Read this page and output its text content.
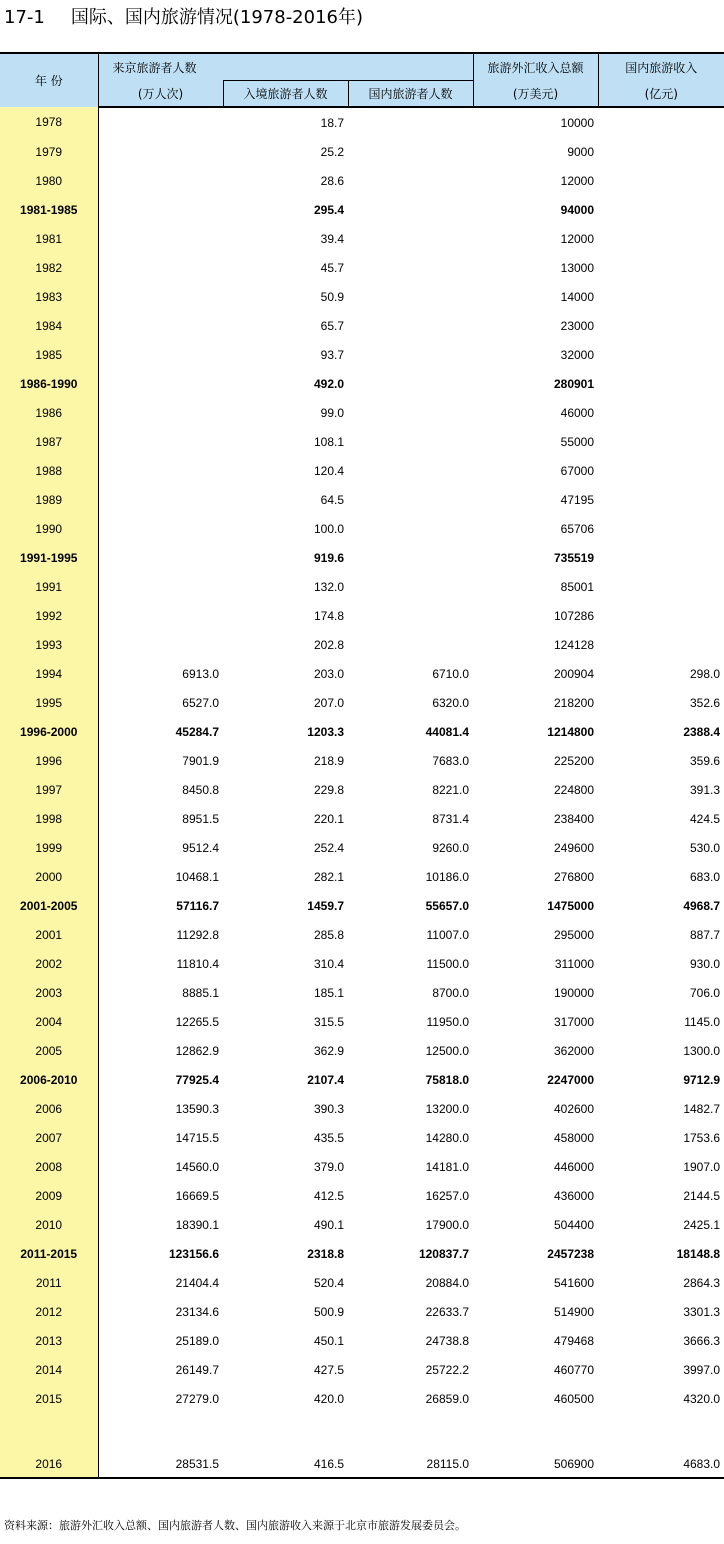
17-1 国际、国内旅游情况(1978-2016年)
年 份	来京旅游者人数			旅游外汇收入总额	国内旅游收入
	(万人次)	入境旅游者人数	国内旅游者人数	(万美元)	(亿元)
1978		18.7		10000	
1979		25.2		9000	
1980		28.6		12000	
1981-1985		295.4		94000	
1981		39.4		12000	
1982		45.7		13000	
1983		50.9		14000	
1984		65.7		23000	
1985		93.7		32000	
1986-1990		492.0		280901	
1986		99.0		46000	
1987		108.1		55000	
1988		120.4		67000	
1989		64.5		47195	
1990		100.0		65706	
1991-1995		919.6		735519	
1991		132.0		85001	
1992		174.8		107286	
1993		202.8		124128	
1994	6913.0	203.0	6710.0	200904	298.0
1995	6527.0	207.0	6320.0	218200	352.6
1996-2000	45284.7	1203.3	44081.4	1214800	2388.4
1996	7901.9	218.9	7683.0	225200	359.6
1997	8450.8	229.8	8221.0	224800	391.3
1998	8951.5	220.1	8731.4	238400	424.5
1999	9512.4	252.4	9260.0	249600	530.0
2000	10468.1	282.1	10186.0	276800	683.0
2001-2005	57116.7	1459.7	55657.0	1475000	4968.7
2001	11292.8	285.8	11007.0	295000	887.7
2002	11810.4	310.4	11500.0	311000	930.0
2003	8885.1	185.1	8700.0	190000	706.0
2004	12265.5	315.5	11950.0	317000	1145.0
2005	12862.9	362.9	12500.0	362000	1300.0
2006-2010	77925.4	2107.4	75818.0	2247000	9712.9
2006	13590.3	390.3	13200.0	402600	1482.7
2007	14715.5	435.5	14280.0	458000	1753.6
2008	14560.0	379.0	14181.0	446000	1907.0
2009	16669.5	412.5	16257.0	436000	2144.5
2010	18390.1	490.1	17900.0	504400	2425.1
2011-2015	123156.6	2318.8	120837.7	2457238	18148.8
2011	21404.4	520.4	20884.0	541600	2864.3
2012	23134.6	500.9	22633.7	514900	3301.3
2013	25189.0	450.1	24738.8	479468	3666.3
2014	26149.7	427.5	25722.2	460770	3997.0
2015	27279.0	420.0	26859.0	460500	4320.0
2016	28531.5	416.5	28115.0	506900	4683.0
资料来源：旅游外汇收入总额、国内旅游者人数、国内旅游收入来源于北京市旅游发展委员会。
